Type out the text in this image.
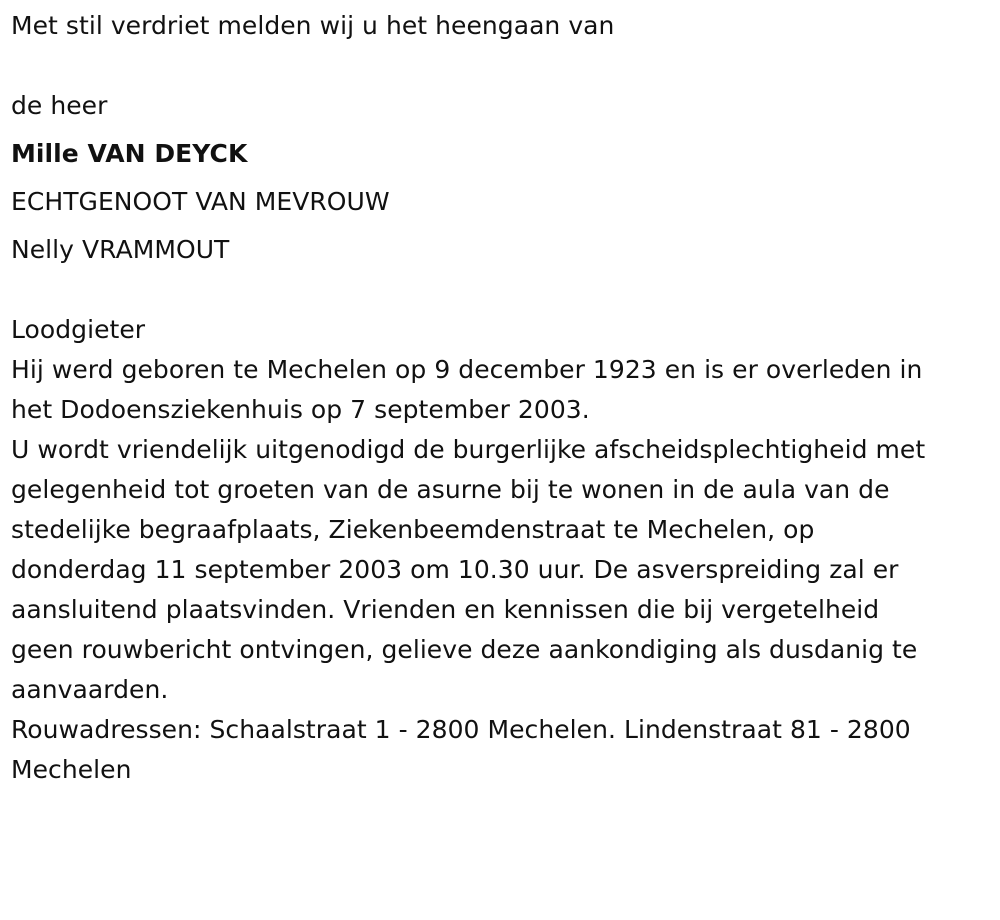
Met stil verdriet melden wij u het heengaan van

de heer

Mille VAN DEYCK

ECHTGENOOT VAN MEVROUW

Nelly VRAMMOUT

Loodgieter

Hij werd geboren te Mechelen op 9 december 1923 en is er overleden in

het Dodoensziekenhuis op 7 september 2003.

U wordt vriendelijk uitgenodigd de burgerlijke afscheidsplechtigheid met

gelegenheid tot groeten van de asurne bij te wonen in de aula van de

stedelijke begraafplaats, Ziekenbeemdenstraat te Mechelen, op

donderdag 11 september 2003 om 10.30 uur. De asverspreiding zal er

aansluitend plaatsvinden. Vrienden en kennissen die bij vergetelheid

geen rouwbericht ontvingen, gelieve deze aankondiging als dusdanig te

aanvaarden.

Rouwadressen: Schaalstraat 1 - 2800 Mechelen. Lindenstraat 81 - 2800

Mechelen
